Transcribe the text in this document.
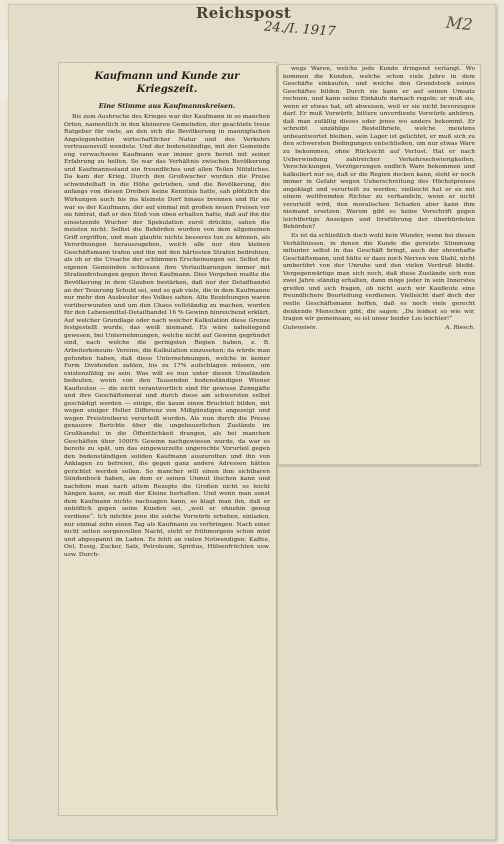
Reichspost
24./I. 1917	M2
Kaufmann und Kunde zur
Kriegszeit.
Eine Stimme aus Kaufmannskreisen.

Bis zum Ausbruche des Krieges war der Kaufmann in so manchen Orten, namentlich in den kleineren Gemeinden, der geachtete treue Ratgeber für viele, an den sich die Bevölkerung in mannigfachen Angelegenheiten wirtschaftlicher Natur und des Verkehrs vertrauensvoll wendete. Und der bodenständige, mit der Gemeinde eng verwachsene Kaufmann war immer gern bereit mit seiner Erfahrung zu helfen. So war das Verhältnis zwischen Bevölkerung und Kaufmannsstand ein freundliches und allen Teilen Nützliches. Da kam der Krieg. Durch den Großwucher wurden die Preise schwindelhaft in die Höhe getrieben, und die Bevölkerung, die anfangs von diesen Dreiben keine Kenntnis hatte, sah plötzlich die Wirkungen auch bis ins kleinste Dorf hinaus brennen und für sie war es der Kaufmann, der auf einmal mit großen neuen Preisen vor sie hintrat, daß er den Stoß von oben erhalten hatte, daß auf ihn die einsetzende Wucher der Spekulation zurst drückte, sahen die meisten nicht. Selbst die Behörden wurden von dem allgemeinen Griff ergriffen, und man glaubte nichts besseres tun zu können, als Verordnungen herauszugeben, welch alle nur den kleinen Geschäftsmann trafen und ihn mit den härtesten Strafen bedrohten, als ob er die Ursache der schlimmen Erscheinungen sei. Selbst die eigenen Gemeinden schlossen ihre Verlautbarungen immer mit Strafandrohungen gegen ihren Kaufmann. Dies Vorgehen mußte die Bevölkerung in dem Glauben bestärken, daß nur der Detailhandel an der Teuerung Schuld sei, und so gab viele, die in dem Kaufmanne nur mehr den Ausbeuter des Volkes sahen. Alte Beziehungen waren vorüberwunden und um den Chaos vollständig zu machen, wurden für den Lebensmittel-Detailhandel 16 % Gewinn hinreichend erklärt. Auf welcher Grundlage oder nach welcher Kalkulation diese Grenze festgestellt wurde, das weiß niemand. Es wäre naheliegend gewesen, bei Unternehmungen, welche nicht auf Gewinn gegründet sind, nach welche die geringsten Regien haben, z. B. Arbeiterkonsum- Vereine, die Kalkulation einzusehen; da würde man gefunden haben, daß diese Unternehmungen, welche in keiner Form Dividenden zahlen, bis zu 17% aufschlagen müssen, um existenzfähig zu sein. Was will es nun unter diesen Umständen bedeuten, wenn von den Tausenden bodenständigen Wiener Kaufleuten — die nicht verantwortlich sind für gewisse Zunngäfte und ihre Geschäftsmoral und durch diese am schwersten selbst geschädigt werden — einige, die kaum einen Bruchteil bilden, mit wegen einiger Heller Differenz von Mißgünstigen angezeigt und wegen Preistreiberei verurteilt wurden. Als nun durch die Presse genauere Berichte über die ungeheuerlichen Zustände im Großhandel in die Öffentlichkeit drangen, als bei manchen Geschäften über 1000% Gewinn nachgewiesen wurde, da war es bereits zu spät, um das eingewurzelte ungerechte Vorurteil gegen den bodenständigen soliden Kaufmann auszurotten und ihn von Anklagen zu befreien, die gegen ganz andere Adressen hätten gerichtet werden sollen. So mancher will einen ihm sichtbaren Sündenbock haben, an dem er seinen Unmut löschen kann und nachdem man nach altem Rezepte die Großen nicht so leicht hängen kann, so muß der Kleine herhalten. Und wenn man sonst dem Kaufmann nichts nachsagen kann, so klagt man ihn, daß er unhöflich gegen seine Kunden sei, „weil er ohnehin genug verdiene“. Ich möchte jene die solche Vorwürfe erheben, einladen, nur einmal zehn einen Tag als Kaufmann zu verbringen. Nach einer nicht selten sorgenvollen Nacht, steht er frühmorgens schon müd und abgespannt im Laden. Es fehlt an vielen Notwendigen: Kaffee, Oel, Essig, Zucker, Salz, Petroleum, Spiritus, Hülsenfrüchten usw. usw. Durch-

wegs Waren, welche jede Kunde dringend verlangt. Wo kommen die Kunden, welche schon viele Jahre in dem Geschäfte einkaufen, und welche den Grundstock seines Geschäftes bilden. Durch sie kann er auf seinen Umsatz rechnen, und kann seine Einkäufe darnach regeln; er muß sie, wenn er etwas hat, oft abweisen, weil er sie nicht bevorzugen darf. Er muß Vorwürfe, bittere unverdiente Vorwürfe anhören, daß man zufällig dieses oder jenes wo anders bekommt. Er schreibt unzählige Bestellbriefe, welche meistens unbeantwortet bleiben, sein Lager ist gelichtet, er muß sich zu den schwersten Bedingungen entschließen, um nur etwas Ware zu bekommen, ohne Rücksicht auf Verlust. Hat er nach Ueberwindung zahlreicher Verkehrsschwierigkeiten, Verschickungen, Verzögerungen endlich Ware bekommen und kalkuliert nur so, daß er die Regien decken kann, steht er noch immer in Gefahr wegen Ueberschreitung des Höchstpreises angeklagt und verurteilt zu werden; vielleicht hat er es mit einem weltfremden Richter zu verhandeln, wenn er nicht verurteilt wird, den moralischen Schaden aber kann ihm niemand ersetzen. Warum gibt es keine Vorschrift gegen leichtfertige Anzeigen und Irreführung der überbürdeten Behörden?

Es ist da schließlich doch wohl kein Wunder, wenn bei diesen Verhältnissen, in denen die Kunde die gereizte Stimmung mitunter selbst in das Geschäft bringt, auch der ehrenhafte Geschäftsmann, und hätte er dazu noch Nerven von Stahl, nicht umberührt von der Unruhe und den vielen Verdruß bleibt. Vergegenwärtige man sich noch, daß diese Zustände sich nun zwei Jahre ständig erhalten, dann möge jeder in sein Innerstes greifen und sich fragen, ob nicht auch wir Kaufleute eine freundlichere Beurteilung verdienen. Vielleicht darf doch der reelle Geschäftsmann hoffen, daß es noch viele gerecht denkende Menschen gibt, die sagen: „Du leidest so wie wir, tragen wir gemeinsam, so ist unser beider Los leichter!“

Gutenstein.	A. Riesch.
